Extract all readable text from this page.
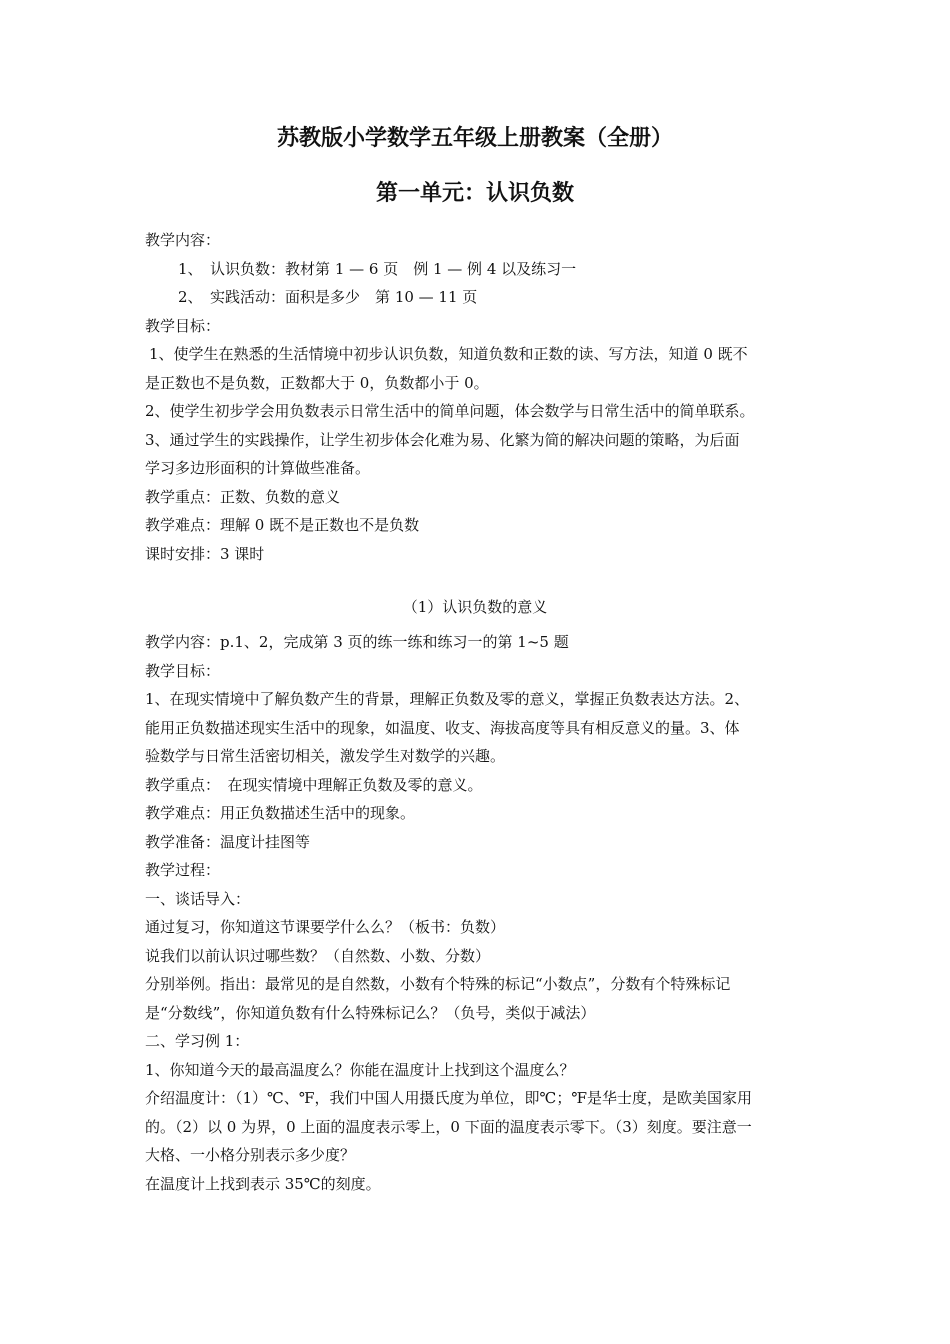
苏教版小学数学五年级上册教案（全册）
第一单元：认识负数
教学内容：
1、　认识负数：教材第 1 — 6 页　例 1 — 例 4 以及练习一
2、　实践活动：面积是多少　第 10 — 11 页
教学目标：
1、使学生在熟悉的生活情境中初步认识负数，知道负数和正数的读、写方法，知道 0 既不
是正数也不是负数，正数都大于 0，负数都小于 0。
2、使学生初步学会用负数表示日常生活中的简单问题，体会数学与日常生活中的简单联系。
3、通过学生的实践操作，让学生初步体会化难为易、化繁为简的解决问题的策略，为后面
学习多边形面积的计算做些准备。
教学重点：正数、负数的意义
教学难点：理解 0 既不是正数也不是负数
课时安排：3 课时
（1）认识负数的意义
教学内容：p.1、2，完成第 3 页的练一练和练习一的第 1~5 题
教学目标：
1、在现实情境中了解负数产生的背景，理解正负数及零的意义，掌握正负数表达方法。2、
能用正负数描述现实生活中的现象，如温度、收支、海拔高度等具有相反意义的量。3、体
验数学与日常生活密切相关，激发学生对数学的兴趣。
教学重点：　在现实情境中理解正负数及零的意义。
教学难点：用正负数描述生活中的现象。
教学准备：温度计挂图等
教学过程：
一、谈话导入：
通过复习，你知道这节课要学什么么？（板书：负数）
说我们以前认识过哪些数？（自然数、小数、分数）
分别举例。指出：最常见的是自然数，小数有个特殊的标记“小数点”，分数有个特殊标记
是“分数线”，你知道负数有什么特殊标记么？（负号，类似于减法）
二、学习例 1：
1、你知道今天的最高温度么？你能在温度计上找到这个温度么？
介绍温度计：（1）℃、℉，我们中国人用摄氏度为单位，即℃；℉是华士度，是欧美国家用
的。（2）以 0 为界，0 上面的温度表示零上，0 下面的温度表示零下。（3）刻度。要注意一
大格、一小格分别表示多少度？
在温度计上找到表示 35℃的刻度。
